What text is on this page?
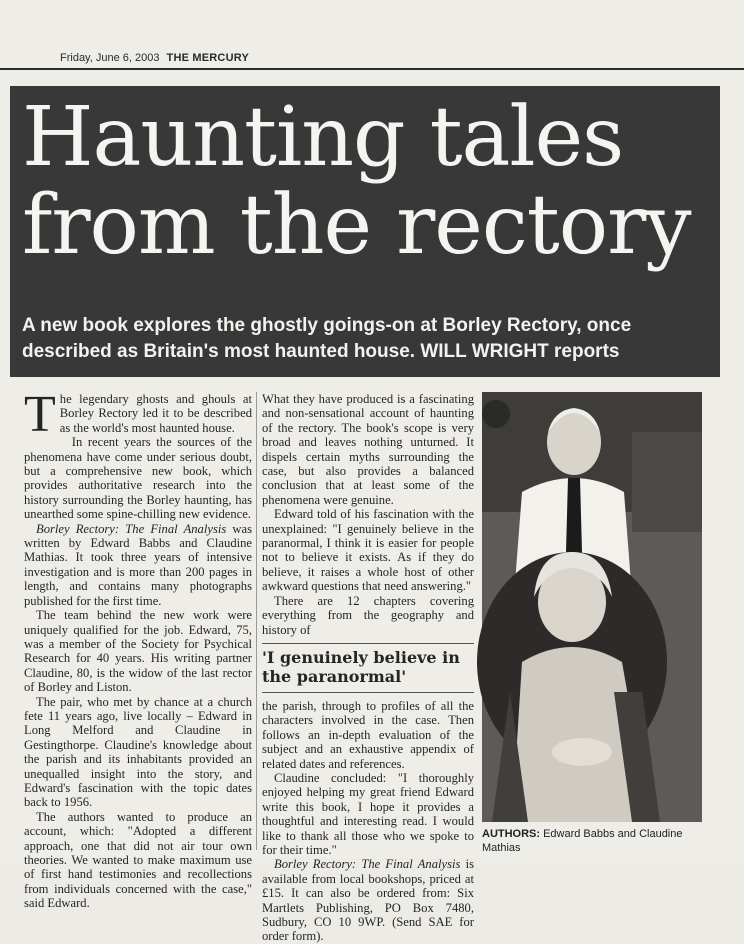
Friday, June 6, 2003 THE MERCURY
Haunting tales
from the rectory
A new book explores the ghostly goings-on at Borley Rectory, once described as Britain's most haunted house. WILL WRIGHT reports

The legendary ghosts and ghouls at Borley Rectory led it to be described as the world's most haunted house.

In recent years the sources of the phenomena have come under serious doubt, but a comprehensive new book, which provides authoritative research into the history surrounding the Borley haunting, has unearthed some spine-chilling new evidence.

Borley Rectory: The Final Analysis was written by Edward Babbs and Claudine Mathias. It took three years of intensive investigation and is more than 200 pages in length, and contains many photographs published for the first time.

The team behind the new work were uniquely qualified for the job. Edward, 75, was a member of the Society for Psychical Research for 40 years. His writing partner Claudine, 80, is the widow of the last rector of Borley and Liston.

The pair, who met by chance at a church fete 11 years ago, live locally – Edward in Long Melford and Claudine in Gestingthorpe. Claudine's knowledge about the parish and its inhabitants provided an unequalled insight into the story, and Edward's fascination with the topic dates back to 1956.

The authors wanted to produce an account, which: "Adopted a different approach, one that did not air tour own theories. We wanted to make maximum use of first hand testimonies and recollections from individuals concerned with the case," said Edward.

What they have produced is a fascinating and non-sensational account of haunting of the rectory. The book's scope is very broad and leaves nothing unturned. It dispels certain myths surrounding the case, but also provides a balanced conclusion that at least some of the phenomena were genuine.

Edward told of his fascination with the unexplained: "I genuinely believe in the paranormal, I think it is easier for people not to believe it exists. As if they do believe, it raises a whole host of other awkward questions that need answering."

There are 12 chapters covering everything from the geography and history of

'I genuinely believe in the paranormal'

the parish, through to profiles of all the characters involved in the case. Then follows an in-depth evaluation of the subject and an exhaustive appendix of related dates and references.

Claudine concluded: "I thoroughly enjoyed helping my great friend Edward write this book, I hope it provides a thoughtful and interesting read. I would like to thank all those who we spoke to for their time."

Borley Rectory: The Final Analysis is available from local bookshops, priced at £15. It can also be ordered from: Six Martlets Publishing, PO Box 7480, Sudbury, CO 10 9WP. (Send SAE for order form).

AUTHORS: Edward Babbs and Claudine Mathias
